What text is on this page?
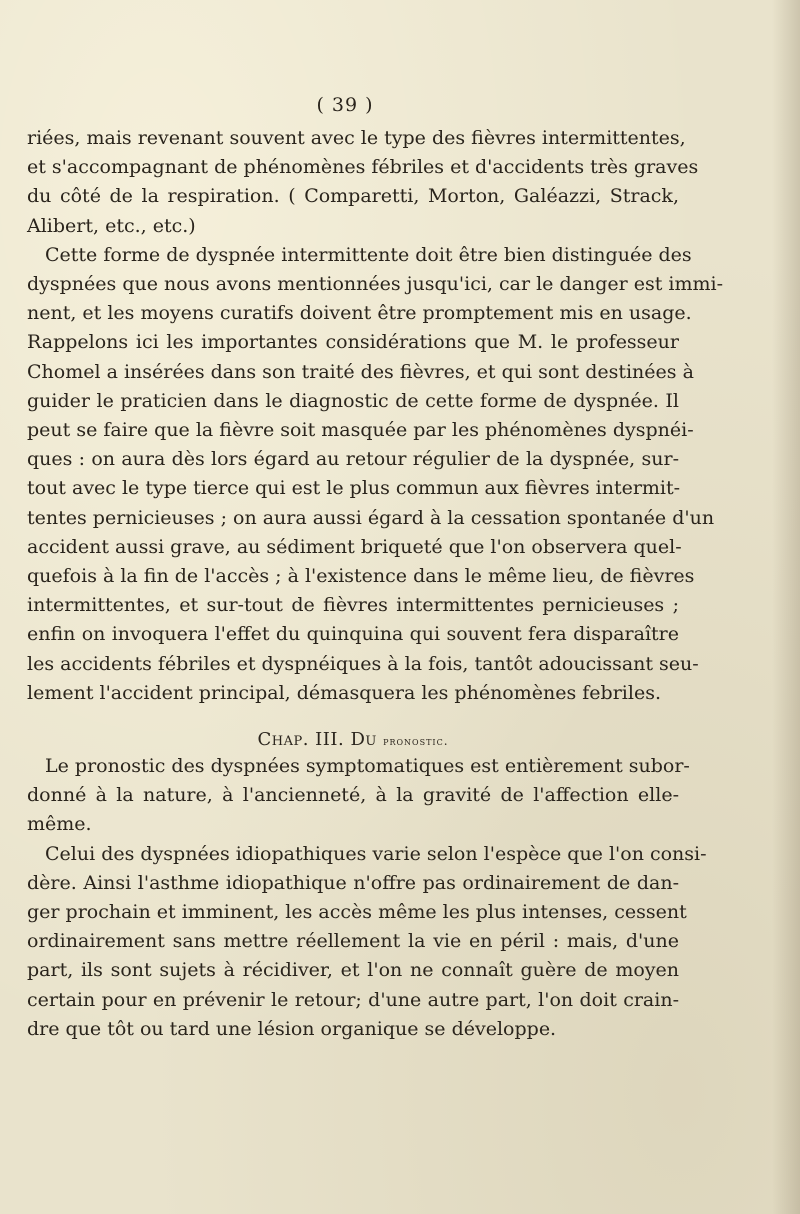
( 39 )
riées, mais revenant souvent avec le type des fièvres intermittentes,
et s'accompagnant de phénomènes fébriles et d'accidents très graves
du côté de la respiration. ( Comparetti, Morton, Galéazzi, Strack,
Alibert, etc., etc.)
Cette forme de dyspnée intermittente doit être bien distinguée des
dyspnées que nous avons mentionnées jusqu'ici, car le danger est immi-
nent, et les moyens curatifs doivent être promptement mis en usage.
Rappelons ici les importantes considérations que M. le professeur
Chomel a insérées dans son traité des fièvres, et qui sont destinées à
guider le praticien dans le diagnostic de cette forme de dyspnée. Il
peut se faire que la fièvre soit masquée par les phénomènes dyspnéi-
ques : on aura dès lors égard au retour régulier de la dyspnée, sur-
tout avec le type tierce qui est le plus commun aux fièvres intermit-
tentes pernicieuses ; on aura aussi égard à la cessation spontanée d'un
accident aussi grave, au sédiment briqueté que l'on observera quel-
quefois à la fin de l'accès ; à l'existence dans le même lieu, de fièvres
intermittentes, et sur-tout de fièvres intermittentes pernicieuses ;
enfin on invoquera l'effet du quinquina qui souvent fera disparaître
les accidents fébriles et dyspnéiques à la fois, tantôt adoucissant seu-
lement l'accident principal, démasquera les phénomènes febriles.
Chap. III. Du pronostic.
Le pronostic des dyspnées symptomatiques est entièrement subor-
donné à la nature, à l'ancienneté, à la gravité de l'affection elle-
même.
Celui des dyspnées idiopathiques varie selon l'espèce que l'on consi-
dère. Ainsi l'asthme idiopathique n'offre pas ordinairement de dan-
ger prochain et imminent, les accès même les plus intenses, cessent
ordinairement sans mettre réellement la vie en péril : mais, d'une
part, ils sont sujets à récidiver, et l'on ne connaît guère de moyen
certain pour en prévenir le retour; d'une autre part, l'on doit crain-
dre que tôt ou tard une lésion organique se développe.
